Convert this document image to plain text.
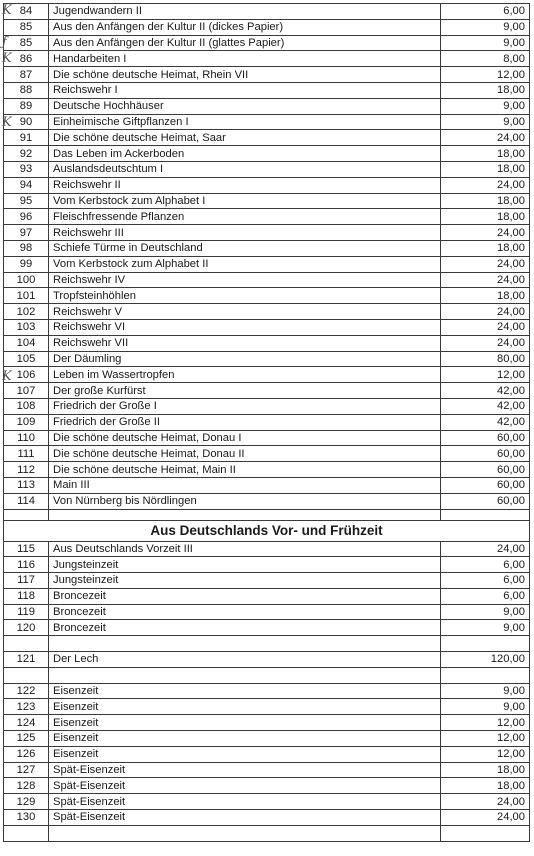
84	Jugendwandern II	6,00
85	Aus den Anfängen der Kultur II (dickes Papier)	9,00
85	Aus den Anfängen der Kultur II (glattes Papier)	9,00
86	Handarbeiten I	8,00
87	Die schöne deutsche Heimat, Rhein VII	12,00
88	Reichswehr I	18,00
89	Deutsche Hochhäuser	9,00
90	Einheimische Giftpflanzen I	9,00
91	Die schöne deutsche Heimat, Saar	24,00
92	Das Leben im Ackerboden	18,00
93	Auslandsdeutschtum I	18,00
94	Reichswehr II	24,00
95	Vom Kerbstock zum Alphabet I	18,00
96	Fleischfressende Pflanzen	18,00
97	Reichswehr III	24,00
98	Schiefe Türme in Deutschland	18,00
99	Vom Kerbstock zum Alphabet II	24,00
100	Reichswehr IV	24,00
101	Tropfsteinhöhlen	18,00
102	Reichswehr V	24,00
103	Reichswehr VI	24,00
104	Reichswehr VII	24,00
105	Der Däumling	80,00
106	Leben im Wassertropfen	12,00
107	Der große Kurfürst	42,00
108	Friedrich der Große I	42,00
109	Friedrich der Große II	42,00
110	Die schöne deutsche Heimat, Donau I	60,00
111	Die schöne deutsche Heimat, Donau II	60,00
112	Die schöne deutsche Heimat, Main II	60,00
113	Main III	60,00
114	Von Nürnberg bis Nördlingen	60,00

Aus Deutschlands Vor- und Frühzeit		
115	Aus Deutschlands Vorzeit III	24,00
116	Jungsteinzeit	6,00
117	Jungsteinzeit	6,00
118	Broncezeit	6,00
119	Broncezeit	9,00
120	Broncezeit	9,00

121	Der Lech	120,00

122	Eisenzeit	9,00
123	Eisenzeit	9,00
124	Eisenzeit	12,00
125	Eisenzeit	12,00
126	Eisenzeit	12,00
127	Spät-Eisenzeit	18,00
128	Spät-Eisenzeit	18,00
129	Spät-Eisenzeit	24,00
130	Spät-Eisenzeit	24,00

K
ƒ
K
K
K
